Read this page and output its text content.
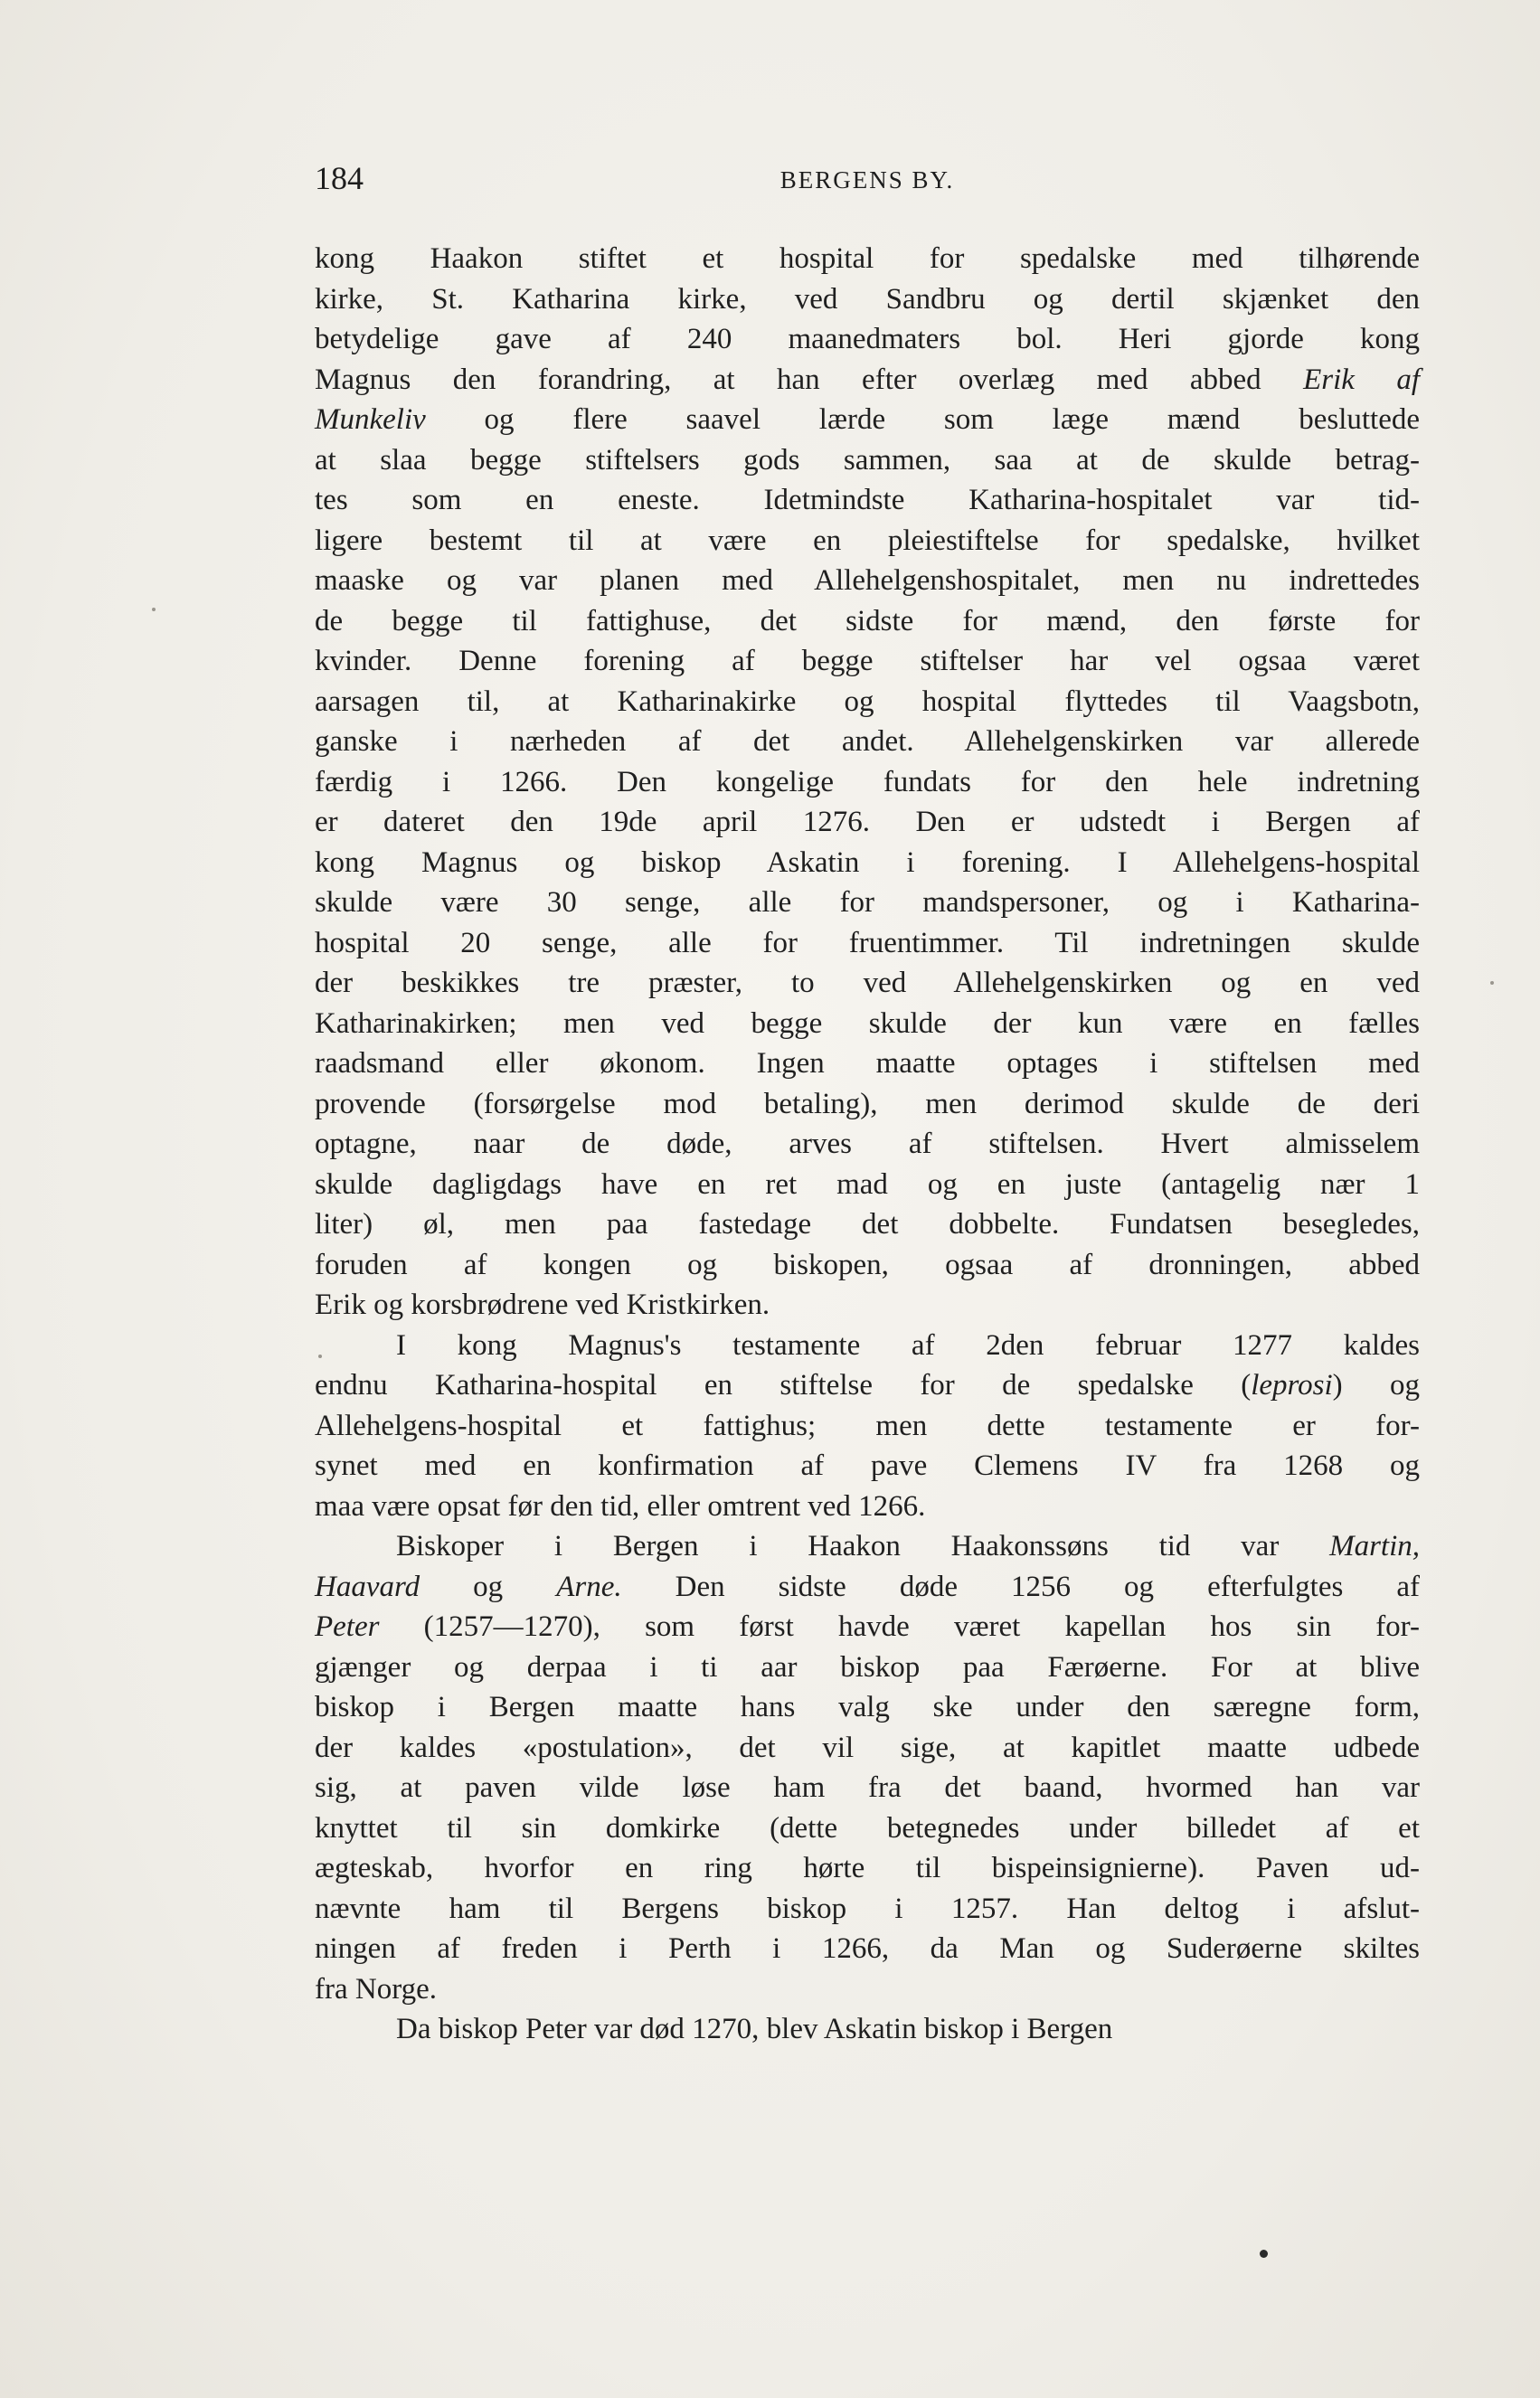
184	BERGENS BY.

kong Haakon stiftet et hospital for spedalske med tilhørende
kirke, St. Katharina kirke, ved Sandbru og dertil skjænket den
betydelige gave af 240 maanedmaters bol. Heri gjorde kong
Magnus den forandring, at han efter overlæg med abbed Erik af
Munkeliv og flere saavel lærde som læge mænd besluttede
at slaa begge stiftelsers gods sammen, saa at de skulde betrag-
tes som en eneste. Idetmindste Katharina-hospitalet var tid-
ligere bestemt til at være en pleiestiftelse for spedalske, hvilket
maaske og var planen med Allehelgenshospitalet, men nu indrettedes
de begge til fattighuse, det sidste for mænd, den første for
kvinder. Denne forening af begge stiftelser har vel ogsaa været
aarsagen til, at Katharinakirke og hospital flyttedes til Vaagsbotn,
ganske i nærheden af det andet. Allehelgenskirken var allerede
færdig i 1266. Den kongelige fundats for den hele indretning
er dateret den 19de april 1276. Den er udstedt i Bergen af
kong Magnus og biskop Askatin i forening. I Allehelgens-hospital
skulde være 30 senge, alle for mandspersoner, og i Katharina-
hospital 20 senge, alle for fruentimmer. Til indretningen skulde
der beskikkes tre præster, to ved Allehelgenskirken og en ved
Katharinakirken; men ved begge skulde der kun være en fælles
raadsmand eller økonom. Ingen maatte optages i stiftelsen med
provende (forsørgelse mod betaling), men derimod skulde de deri
optagne, naar de døde, arves af stiftelsen. Hvert almisselem
skulde dagligdags have en ret mad og en juste (antagelig nær 1
liter) øl, men paa fastedage det dobbelte. Fundatsen besegledes,
foruden af kongen og biskopen, ogsaa af dronningen, abbed
Erik og korsbrødrene ved Kristkirken.

I kong Magnus's testamente af 2den februar 1277 kaldes
endnu Katharina-hospital en stiftelse for de spedalske (leprosi) og
Allehelgens-hospital et fattighus; men dette testamente er for-
synet med en konfirmation af pave Clemens IV fra 1268 og
maa være opsat før den tid, eller omtrent ved 1266.

Biskoper i Bergen i Haakon Haakonssøns tid var Martin,
Haavard og Arne. Den sidste døde 1256 og efterfulgtes af
Peter (1257—1270), som først havde været kapellan hos sin for-
gjænger og derpaa i ti aar biskop paa Færøerne. For at blive
biskop i Bergen maatte hans valg ske under den særegne form,
der kaldes «postulation», det vil sige, at kapitlet maatte udbede
sig, at paven vilde løse ham fra det baand, hvormed han var
knyttet til sin domkirke (dette betegnedes under billedet af et
ægteskab, hvorfor en ring hørte til bispeinsignierne). Paven ud-
nævnte ham til Bergens biskop i 1257. Han deltog i afslut-
ningen af freden i Perth i 1266, da Man og Suderøerne skiltes
fra Norge.

Da biskop Peter var død 1270, blev Askatin biskop i Bergen
